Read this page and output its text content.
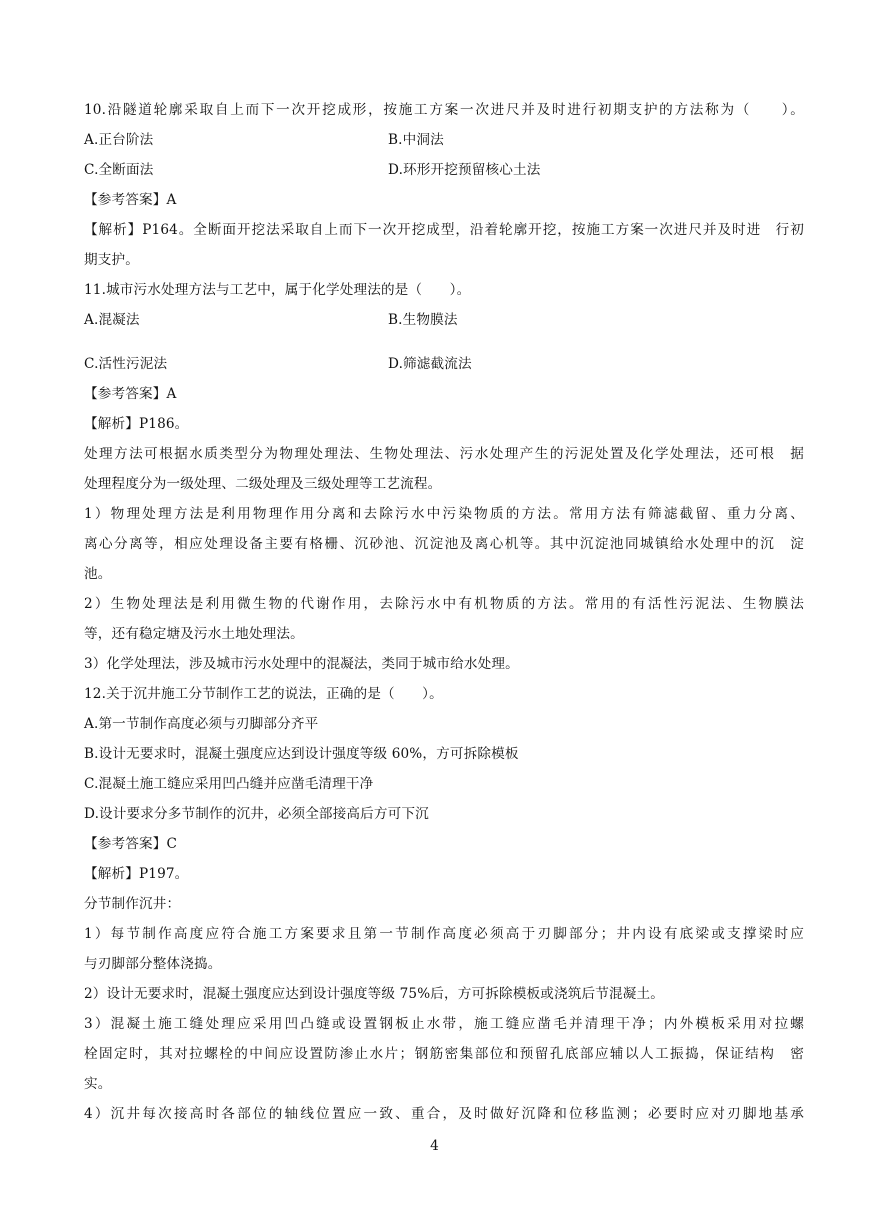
10.沿隧道轮廓采取自上而下一次开挖成形，按施工方案一次进尺并及时进行初期支护的方法称为（　　）。
A.正台阶法	B.中洞法
C.全断面法	D.环形开挖预留核心土法
【参考答案】A
【解析】P164。全断面开挖法采取自上而下一次开挖成型，沿着轮廓开挖，按施工方案一次进尺并及时进　行初
期支护。
11.城市污水处理方法与工艺中，属于化学处理法的是（　　）。
A.混凝法	B.生物膜法
C.活性污泥法	D.筛滤截流法
【参考答案】A
【解析】P186。
处理方法可根据水质类型分为物理处理法、生物处理法、污水处理产生的污泥处置及化学处理法，还可根　据
处理程度分为一级处理、二级处理及三级处理等工艺流程。
1）物理处理方法是利用物理作用分离和去除污水中污染物质的方法。常用方法有筛滤截留、重力分离、
离心分离等，相应处理设备主要有格栅、沉砂池、沉淀池及离心机等。其中沉淀池同城镇给水处理中的沉　淀
池。
2）生物处理法是利用微生物的代谢作用，去除污水中有机物质的方法。常用的有活性污泥法、生物膜法
等，还有稳定塘及污水土地处理法。
3）化学处理法，涉及城市污水处理中的混凝法，类同于城市给水处理。
12.关于沉井施工分节制作工艺的说法，正确的是（　　）。
A.第一节制作高度必须与刃脚部分齐平
B.设计无要求时，混凝土强度应达到设计强度等级 60%，方可拆除模板
C.混凝土施工缝应采用凹凸缝并应凿毛清理干净
D.设计要求分多节制作的沉井，必须全部接高后方可下沉
【参考答案】C
【解析】P197。
分节制作沉井：
1）每节制作高度应符合施工方案要求且第一节制作高度必须高于刃脚部分；井内设有底梁或支撑梁时应
与刃脚部分整体浇捣。
2）设计无要求时，混凝土强度应达到设计强度等级 75%后，方可拆除模板或浇筑后节混凝土。
3）混凝土施工缝处理应采用凹凸缝或设置钢板止水带，施工缝应凿毛并清理干净；内外模板采用对拉螺
栓固定时，其对拉螺栓的中间应设置防渗止水片；钢筋密集部位和预留孔底部应辅以人工振捣，保证结构　密
实。
4）沉井每次接高时各部位的轴线位置应一致、重合，及时做好沉降和位移监测；必要时应对刃脚地基承
4
